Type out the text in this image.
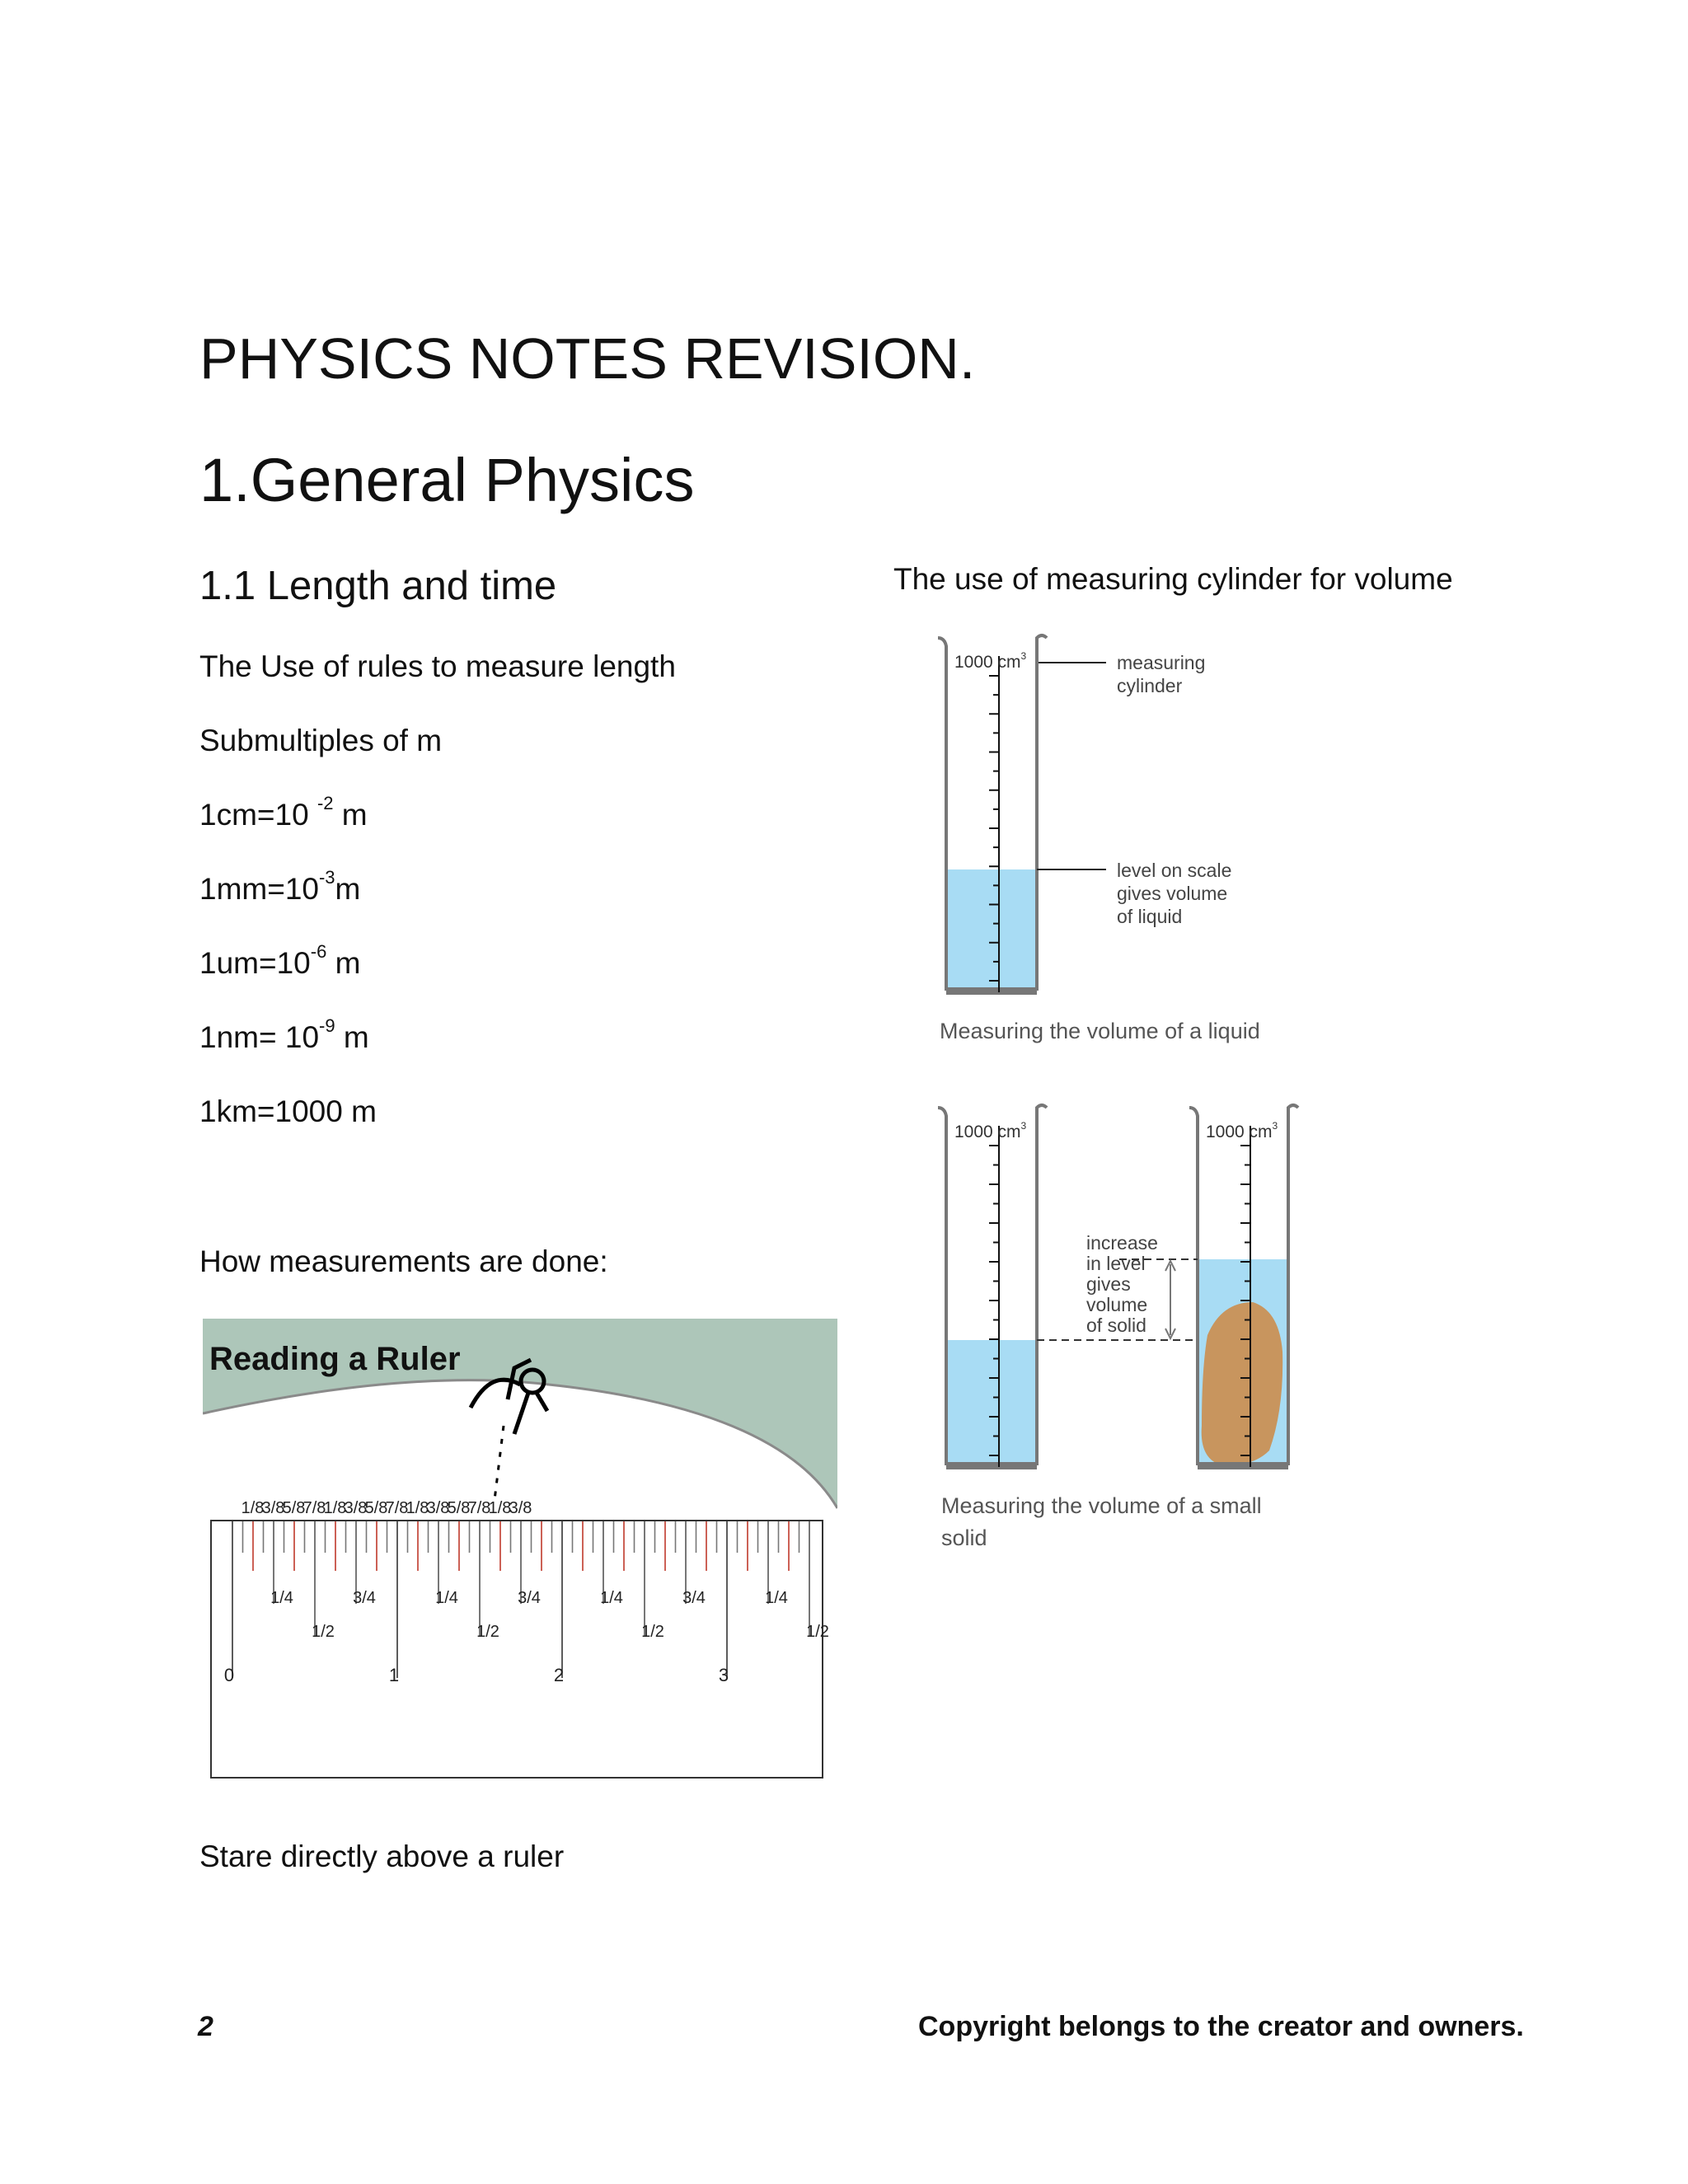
PHYSICS NOTES REVISION.
1.General Physics
1.1 Length and time
The Use of rules to measure length
Submultiples of m
1cm=10 $^{-2}$ m
$1mm=10^{-3}m$
$1um=10^{-6}$ m
$1nm= 10^{-9}$ m
1km=1000 m
How measurements are done:
Reading a Ruler
1/8
3/8
5/8
7/8
1/8
3/8
5/8
7/8
1/8
3/8
5/8
7/8
1/8
3/8
1/4	3/4	1/4	3/4	1/4	3/4	1/4
1/2	1/2	1/2	1/2
0	1	2	3
Stare directly above a ruler
The use of measuring cylinder for volume
1000 $cm^3$	measuring
cylinder
level on scale
gives volume
of liquid
Measuring the volume of a liquid
1000 $cm^3$	1000 $cm^3$
increase
in level
gives
volume
of solid
Measuring the volume of a small
solid
2	Copyright belongs to the creator and owners.
